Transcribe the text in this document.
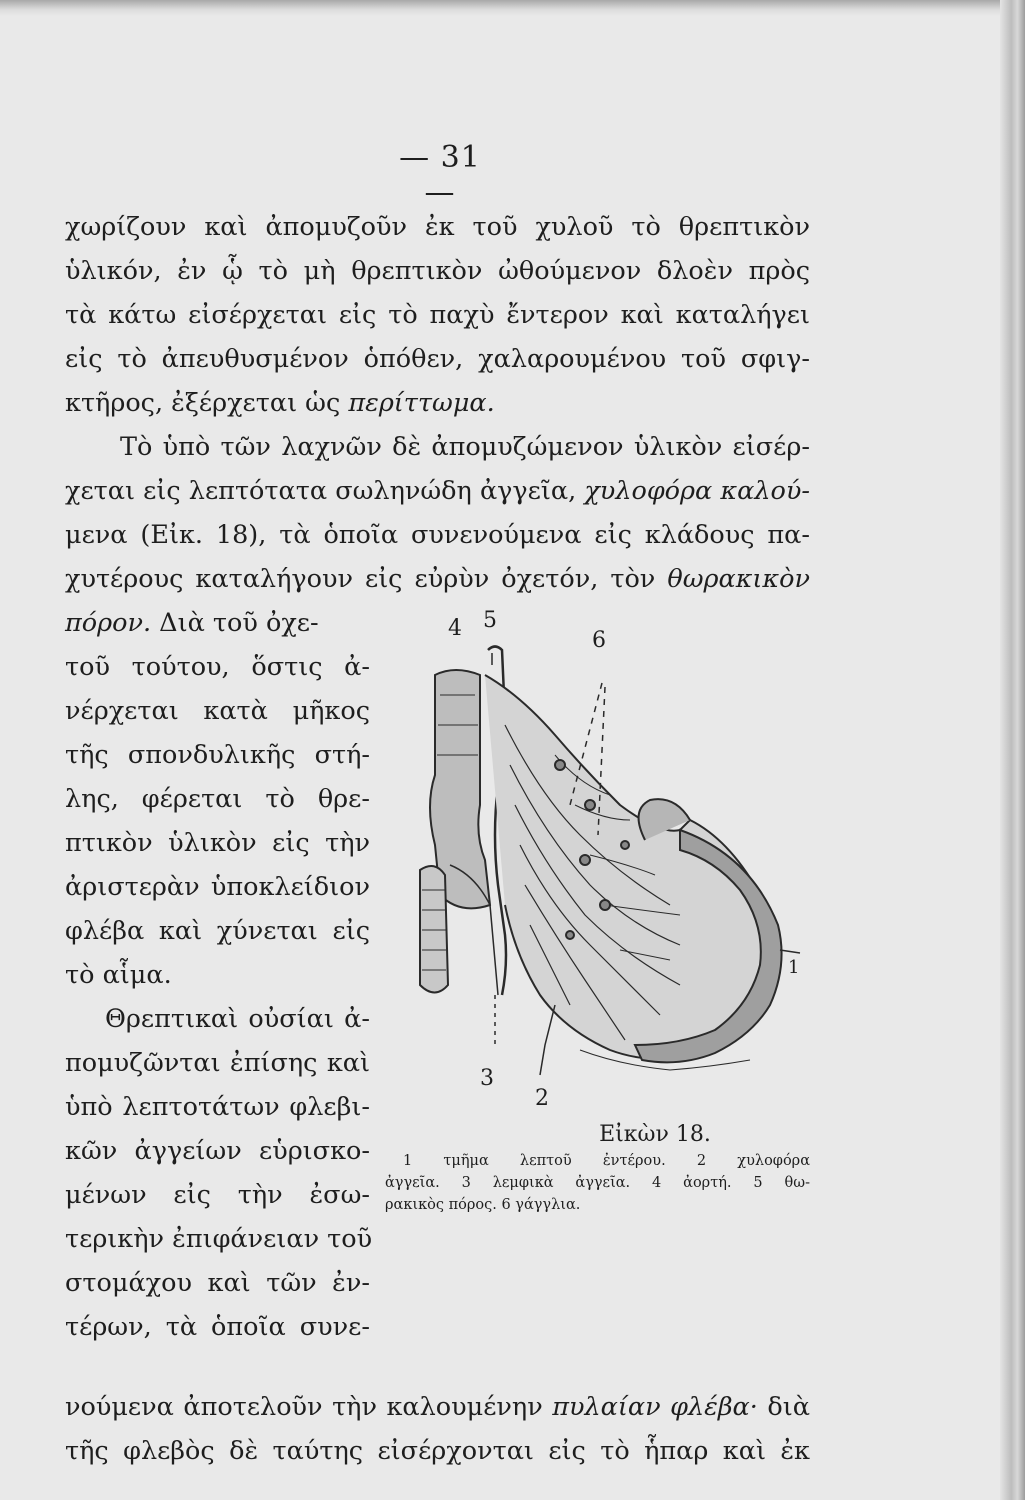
— 31 —
χωρίζουν καὶ ἀπομυζοῦν ἐκ τοῦ χυλοῦ τὸ θρεπτικὸν
ὑλικόν, ἐν ᾧ τὸ μὴ θρεπτικὸν ὠθούμενον δλοὲν πρὸς
τὰ κάτω εἰσέρχεται εἰς τὸ παχὺ ἔντερον καὶ καταλήγει
εἰς τὸ ἀπευθυσμένον ὁπόθεν, χαλαρουμένου τοῦ σφιγ-
κτῆρος, ἐξέρχεται ὡς περίττωμα.
Τὸ ὑπὸ τῶν λαχνῶν δὲ ἀπομυζώμενον ὑλικὸν εἰσέρ-
χεται εἰς λεπτότατα σωληνώδη ἀγγεῖα, χυλοφόρα καλού-
μενα (Εἰκ. 18), τὰ ὁποῖα συνενούμενα εἰς κλάδους πα-
χυτέρους καταλήγουν εἰς εὐρὺν ὀχετόν, τὸν θωρακικὸν
πόρον. Διὰ τοῦ ὀχε-
τοῦ τούτου, ὅστις ἀ-
νέρχεται κατὰ μῆκος
τῆς σπονδυλικῆς στή-
λης, φέρεται τὸ θρε-
πτικὸν ὑλικὸν εἰς τὴν
ἀριστερὰν ὑποκλείδιον
φλέβα καὶ χύνεται εἰς
τὸ αἷμα.
Θρεπτικαὶ οὐσίαι ἀ-
πομυζῶνται ἐπίσης καὶ
ὑπὸ λεπτοτάτων φλεβι-
κῶν ἀγγείων εὑρισκο-
μένων εἰς τὴν ἐσω-
τερικὴν ἐπιφάνειαν τοῦ
στομάχου καὶ τῶν ἐν-
τέρων, τὰ ὁποῖα συνε-
4 5
6
1
3
2
Εἰκὼν 18.
1 τμῆμα λεπτοῦ ἐντέρου. 2 χυλοφόρα
ἀγγεῖα. 3 λεμφικὰ ἀγγεῖα. 4 ἀορτή. 5 θω-
ρακικὸς πόρος. 6 γάγγλια.
νούμενα ἀποτελοῦν τὴν καλουμένην πυλαίαν φλέβα· διὰ
τῆς φλεβὸς δὲ ταύτης εἰσέρχονται εἰς τὸ ἧπαρ καὶ ἐκ
